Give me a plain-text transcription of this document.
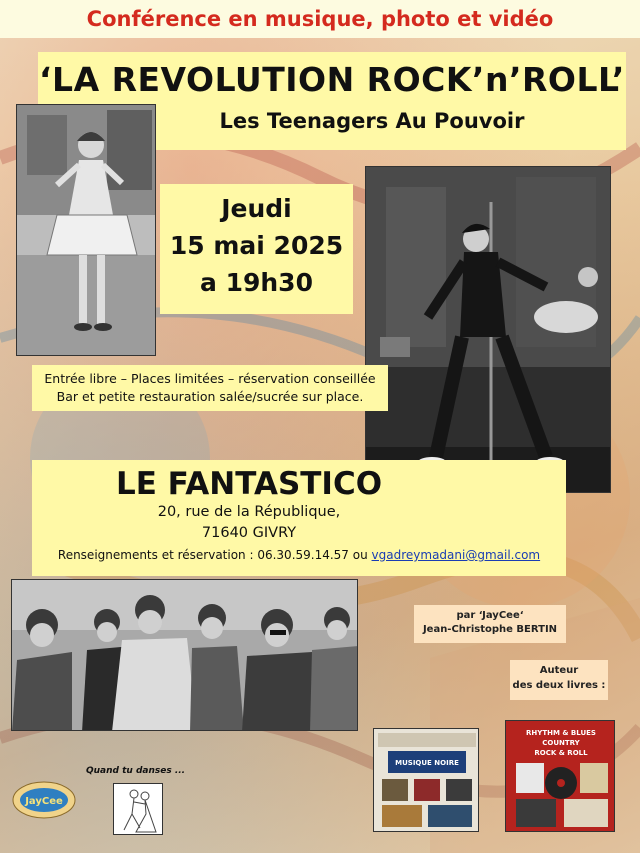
Conférence en musique, photo et vidéo
‘LA REVOLUTION ROCK’n’ROLL’
Les Teenagers Au Pouvoir
Jeudi
15 mai 2025
a 19h30
Entrée libre – Places limitées – réservation conseillée
Bar et petite restauration salée/sucrée sur place.
LE FANTASTICO
20, rue de la République,
71640 GIVRY
Renseignements et réservation : 06.30.59.14.57 ou vgadreymadani@gmail.com
par ‘JayCee‘
Jean-Christophe BERTIN
Auteur
des deux livres :
MUSIQUE NOIRE
RHYTHM & BLUES
COUNTRY
ROCK & ROLL
Quand tu danses ...
JayCee
